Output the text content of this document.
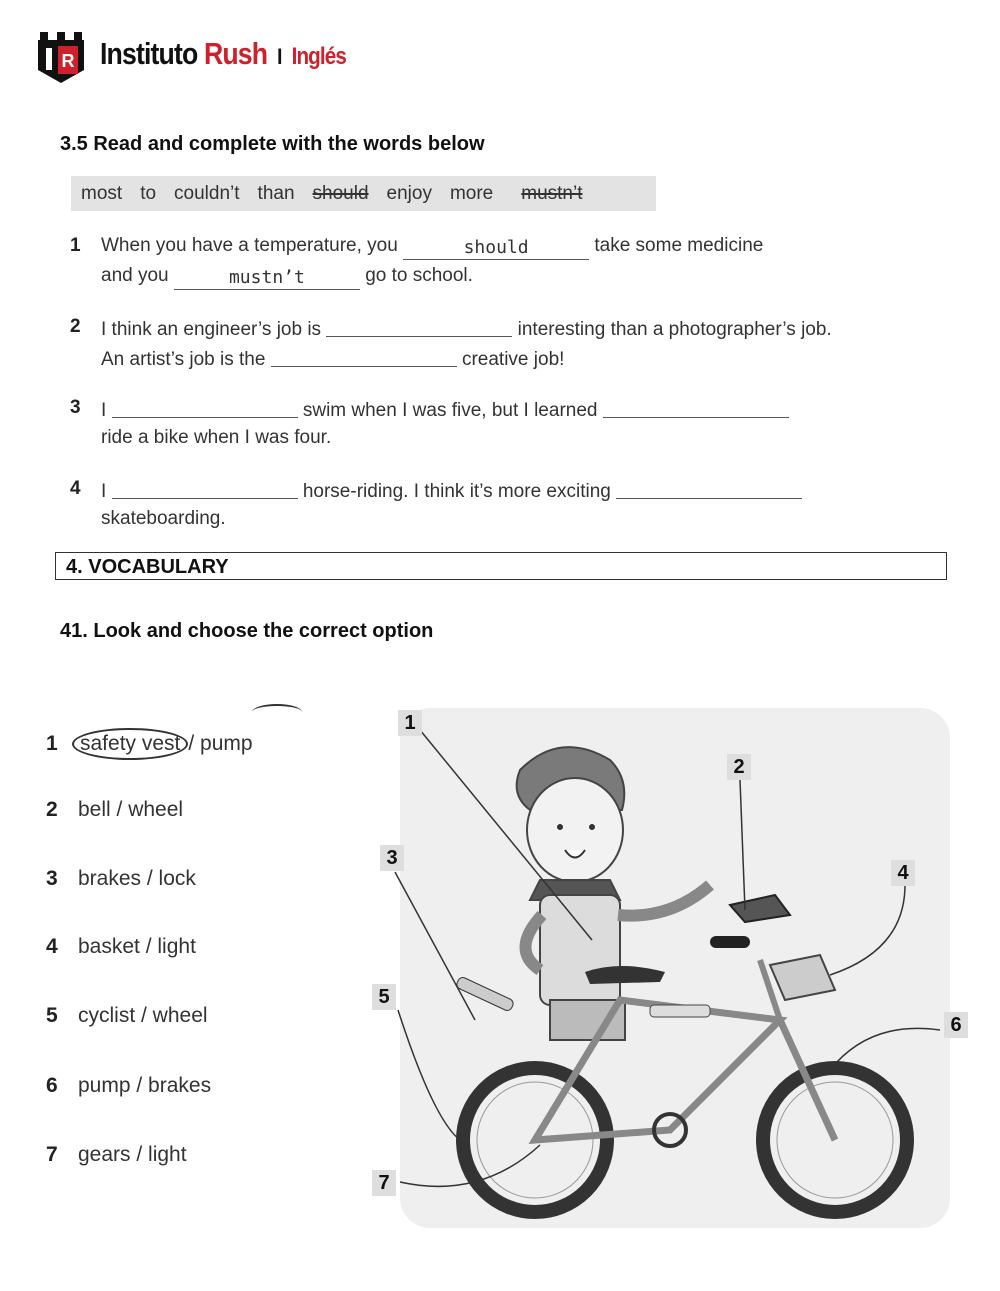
R Instituto Rush I Inglés
3.5 Read and complete with the words below
most to couldn’t than should enjoy more mustn’t
1 When you have a temperature, you	should	take some medicine
and you	mustn’t	go to school.
2 I think an engineer’s job is	interesting than a photographer’s job.
An artist’s job is the	creative job!
3 I	swim when I was five, but I learned
ride a bike when I was four.
4 I	horse-riding. I think it’s more exciting
skateboarding.
4. VOCABULARY
41. Look and choose the correct option
1 safety vest / pump
2 bell / wheel
3 brakes / lock
4 basket / light
5 cyclist / wheel
6 pump / brakes
7 gears / light
1
2
3
4
5
6
7
